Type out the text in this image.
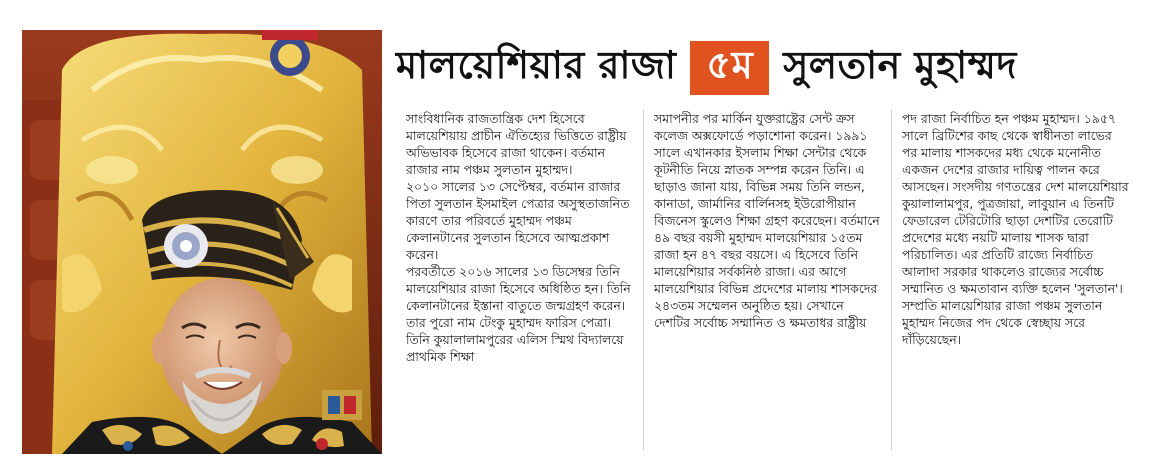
মালয়েশিয়ার রাজা ৫ম সুলতান মুহাম্মদ

সাংবিধানিক রাজতান্ত্রিক দেশ হিসেবে মালয়েশিয়ায় প্রাচীন ঐতিহ্যের ভিত্তিতে রাষ্ট্রীয় অভিভাবক হিসেবে রাজা থাকেন। বর্তমান রাজার নাম পঞ্চম সুলতান মুহাম্মদ।

২০১০ সালের ১৩ সেপ্টেম্বর, বর্তমান রাজার পিতা সুলতান ইসমাইল পেত্রার অসুস্থতাজনিত কারণে তার পরিবর্তে মুহাম্মদ পঞ্চম কেলানটানের সুলতান হিসেবে আত্মপ্রকাশ করেন।

পরবর্তীতে ২০১৬ সালের ১৩ ডিসেম্বর তিনি মালয়েশিয়ার রাজা হিসেবে অধিষ্ঠিত হন। তিনি কেলানটানের ইস্তানা বাতুতে জন্মগ্রহণ করেন। তার পুরো নাম টেংকু মুহাম্মদ ফারিস পেত্রা। তিনি কুয়ালালামপুরের এলিস স্মিথ বিদ্যালয়ে প্রাথমিক শিক্ষা

সমাপনীর পর মার্কিন যুক্তরাষ্ট্রের সেন্ট ক্রস কলেজ অক্সফোর্ডে পড়াশোনা করেন। ১৯৯১ সালে এখানকার ইসলাম শিক্ষা সেন্টার থেকে কূটনীতি নিয়ে স্নাতক সম্পন্ন করেন তিনি। এ ছাড়াও জানা যায়, বিভিন্ন সময় তিনি লন্ডন, কানাডা, জার্মানির বার্লিনসহ ইউরোপীয়ান বিজনেস স্কুলেও শিক্ষা গ্রহণ করেছেন। বর্তমানে ৪৯ বছর বয়সী মুহাম্মদ মালয়েশিয়ার ১৫তম রাজা হন ৪৭ বছর বয়সে। এ হিসেবে তিনি মালয়েশিয়ার সর্বকনিষ্ঠ রাজা। এর আগে মালয়েশিয়ার বিভিন্ন প্রদেশের মালায় শাসকদের ২৪৩তম সম্মেলন অনুষ্ঠিত হয়। সেখানে দেশটির সর্বোচ্চ সম্মানিত ও ক্ষমতাধর রাষ্ট্রীয়

পদ রাজা নির্বাচিত হন পঞ্চম মুহাম্মদ। ১৯৫৭ সালে ব্রিটিশের কাছ থেকে স্বাধীনতা লাভের পর মালায় শাসকদের মধ্য থেকে মনোনীত একজন দেশের রাজার দায়িত্ব পালন করে আসছেন। সংসদীয় গণতন্ত্রের দেশ মালয়েশিয়ার কুয়ালালামপুর, পুত্রজায়া, লাবুয়ান এ তিনটি ফেডারেল টেরিটোরি ছাড়া দেশটির তেরোটি প্রদেশের মধ্যে নয়টি মালায় শাসক দ্বারা পরিচালিত। এর প্রতিটি রাজ্যে নির্বাচিত আলাদা সরকার থাকলেও রাজ্যের সর্বোচ্চ সম্মানিত ও ক্ষমতাবান ব্যক্তি হলেন 'সুলতান'। সম্প্রতি মালয়েশিয়ার রাজা পঞ্চম সুলতান মুহাম্মদ নিজের পদ থেকে স্বেচ্ছায় সরে দাঁড়িয়েছেন।
